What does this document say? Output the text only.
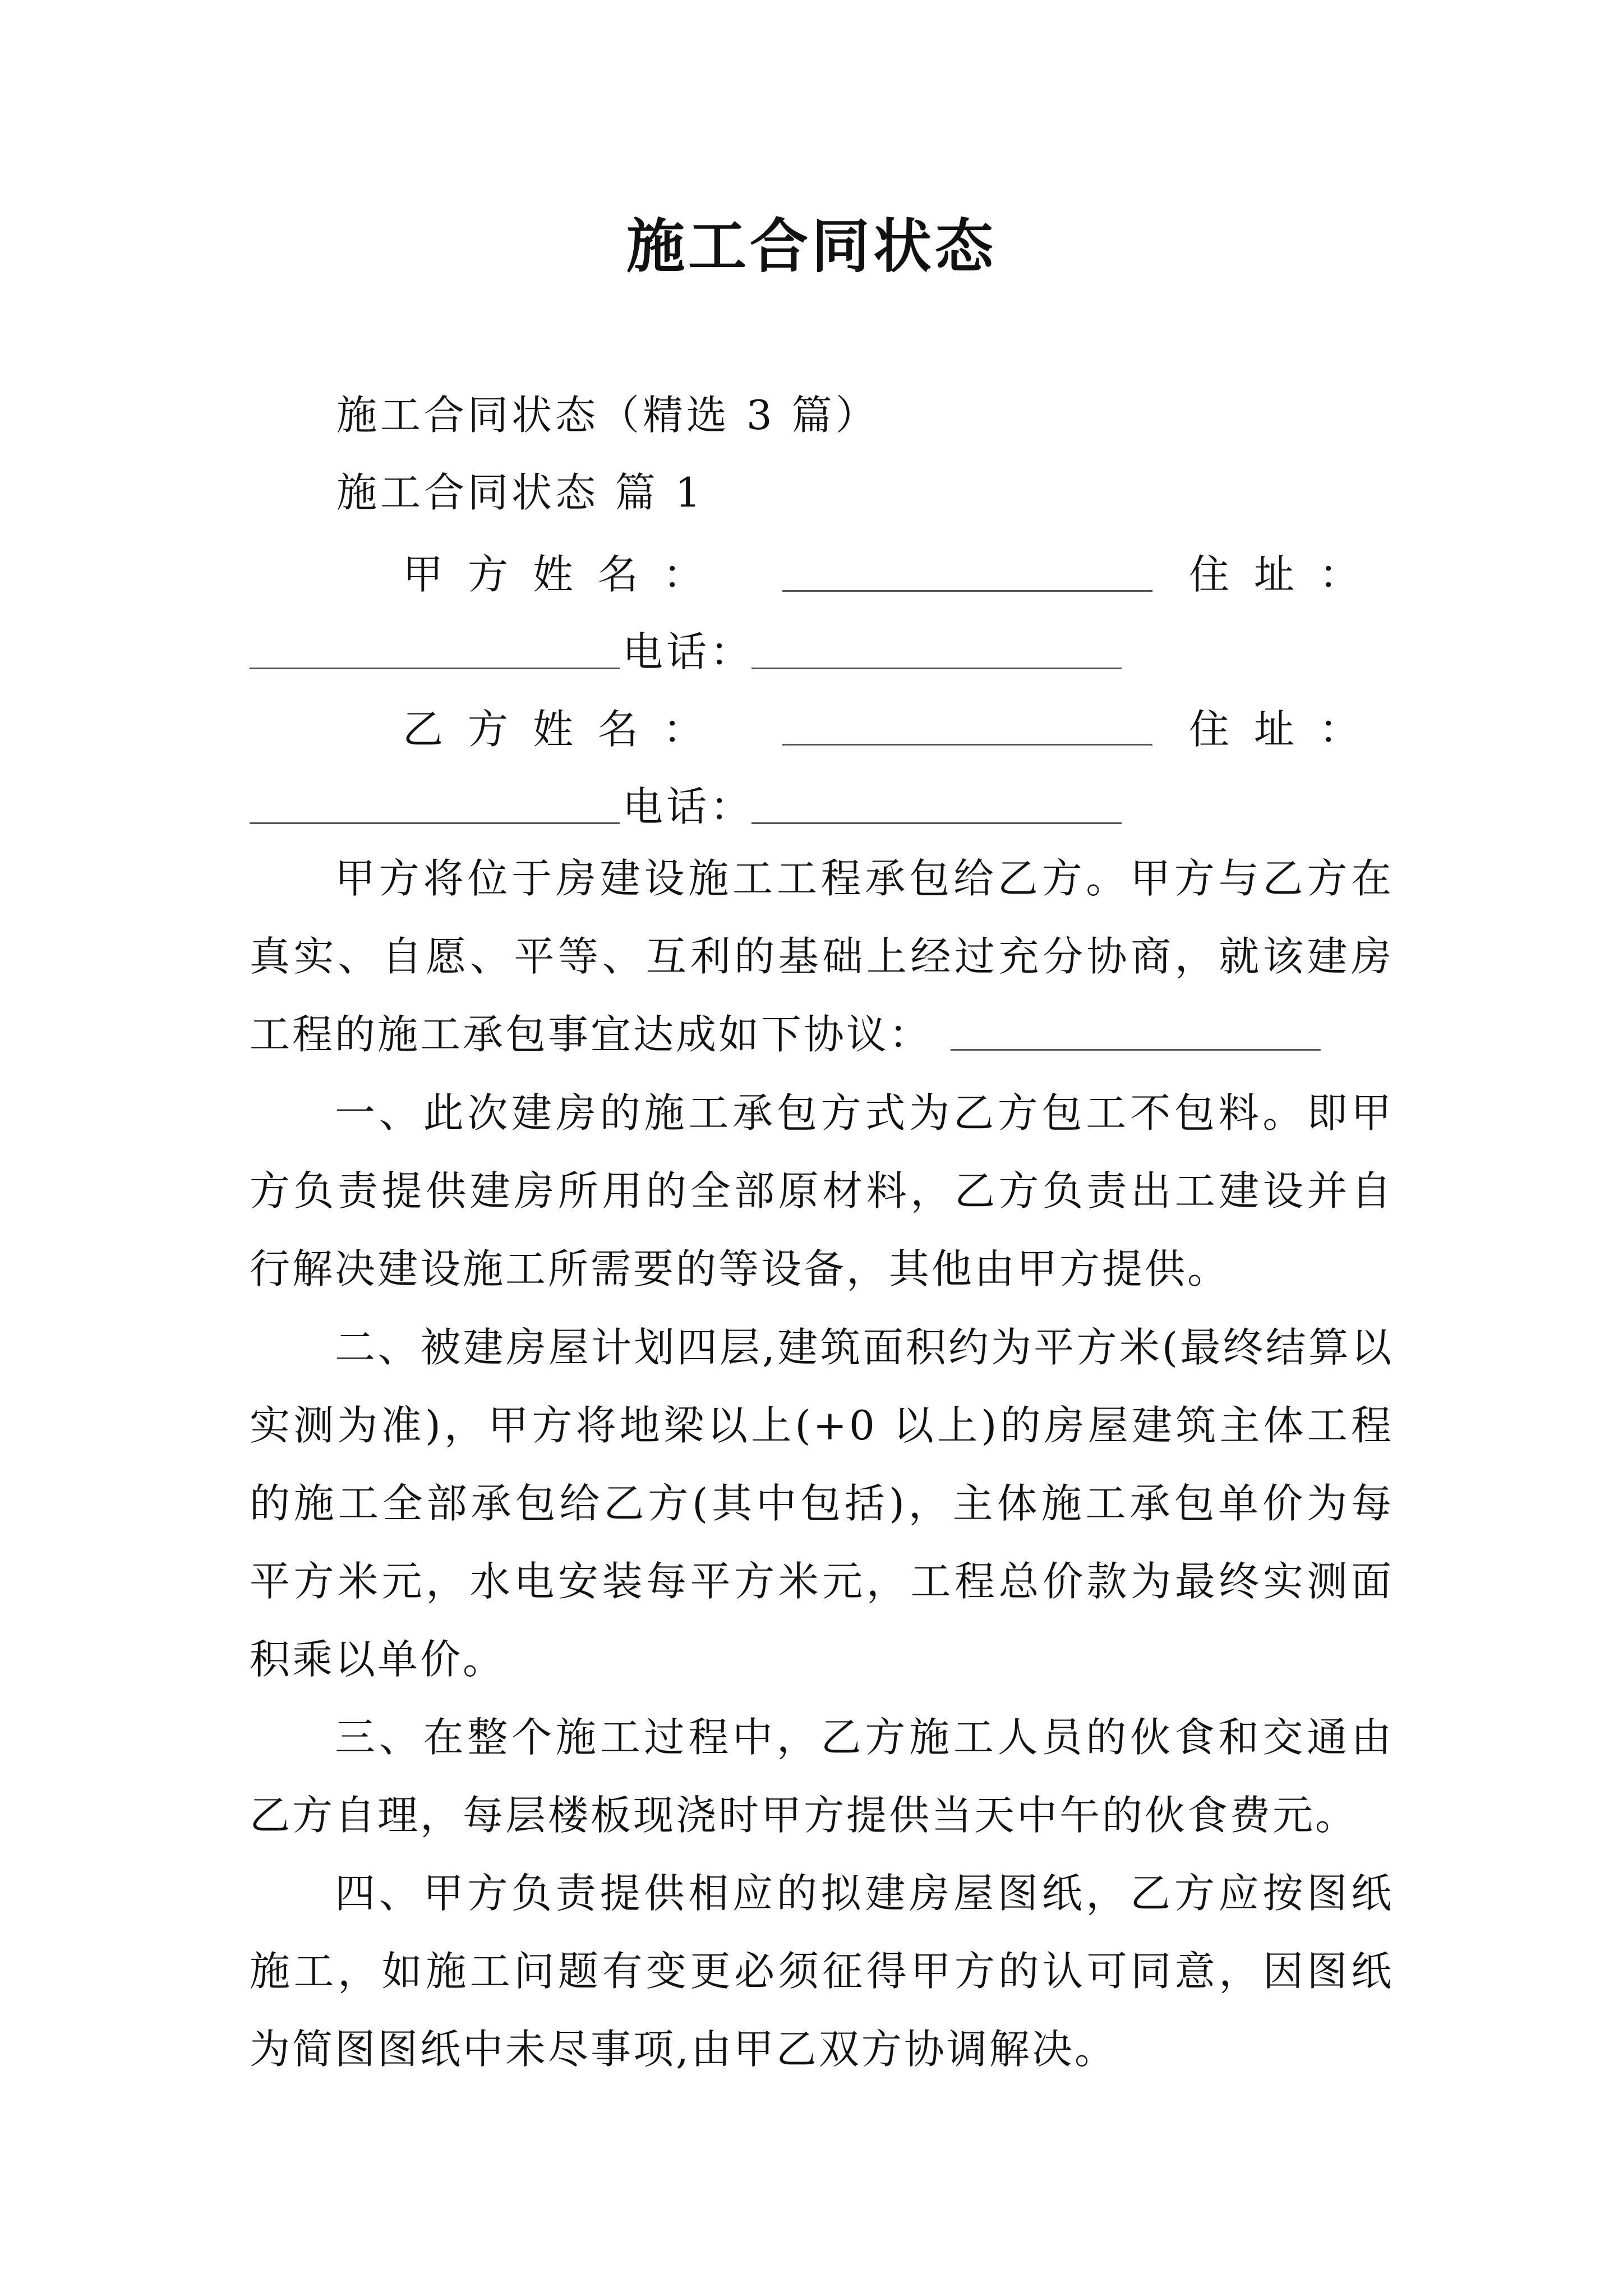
施工合同状态
施工合同状态（精选 3 篇）
施工合同状态 篇 1
甲方姓名：	住址：
电话：
乙方姓名：	住址：
电话：
甲方将位于房建设施工工程承包给乙方。甲方与乙方在真实、自愿、平等、互利的基础上经过充分协商，就该建房工程的施工承包事宜达成如下协议：
一、此次建房的施工承包方式为乙方包工不包料。即甲方负责提供建房所用的全部原材料，乙方负责出工建设并自行解决建设施工所需要的等设备，其他由甲方提供。
二、被建房屋计划四层,建筑面积约为平方米(最终结算以实测为准)，甲方将地梁以上(+0 以上)的房屋建筑主体工程的施工全部承包给乙方(其中包括)，主体施工承包单价为每平方米元，水电安装每平方米元，工程总价款为最终实测面积乘以单价。
三、在整个施工过程中，乙方施工人员的伙食和交通由乙方自理，每层楼板现浇时甲方提供当天中午的伙食费元。
四、甲方负责提供相应的拟建房屋图纸，乙方应按图纸施工，如施工问题有变更必须征得甲方的认可同意，因图纸为简图图纸中未尽事项,由甲乙双方协调解决。
